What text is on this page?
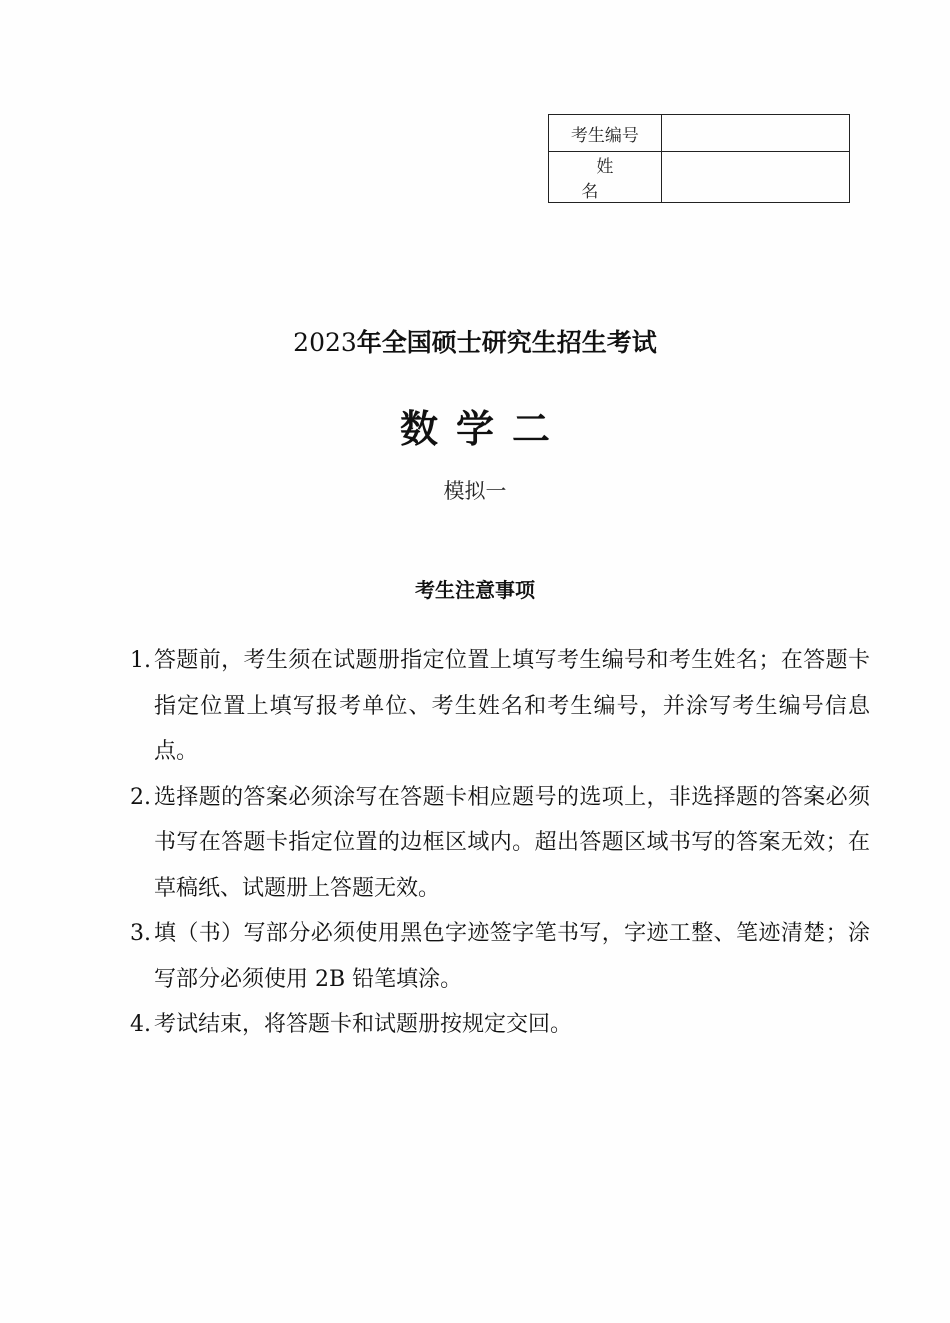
考生编号	
姓名	
2023年全国硕士研究生招生考试
数学二
模拟一
考生注意事项
1. 答题前，考生须在试题册指定位置上填写考生编号和考生姓名；在答题卡指定位置上填写报考单位、考生姓名和考生编号，并涂写考生编号信息点。
2. 选择题的答案必须涂写在答题卡相应题号的选项上，非选择题的答案必须书写在答题卡指定位置的边框区域内。超出答题区域书写的答案无效；在草稿纸、试题册上答题无效。
3. 填（书）写部分必须使用黑色字迹签字笔书写，字迹工整、笔迹清楚；涂写部分必须使用 2B 铅笔填涂。
4. 考试结束，将答题卡和试题册按规定交回。
